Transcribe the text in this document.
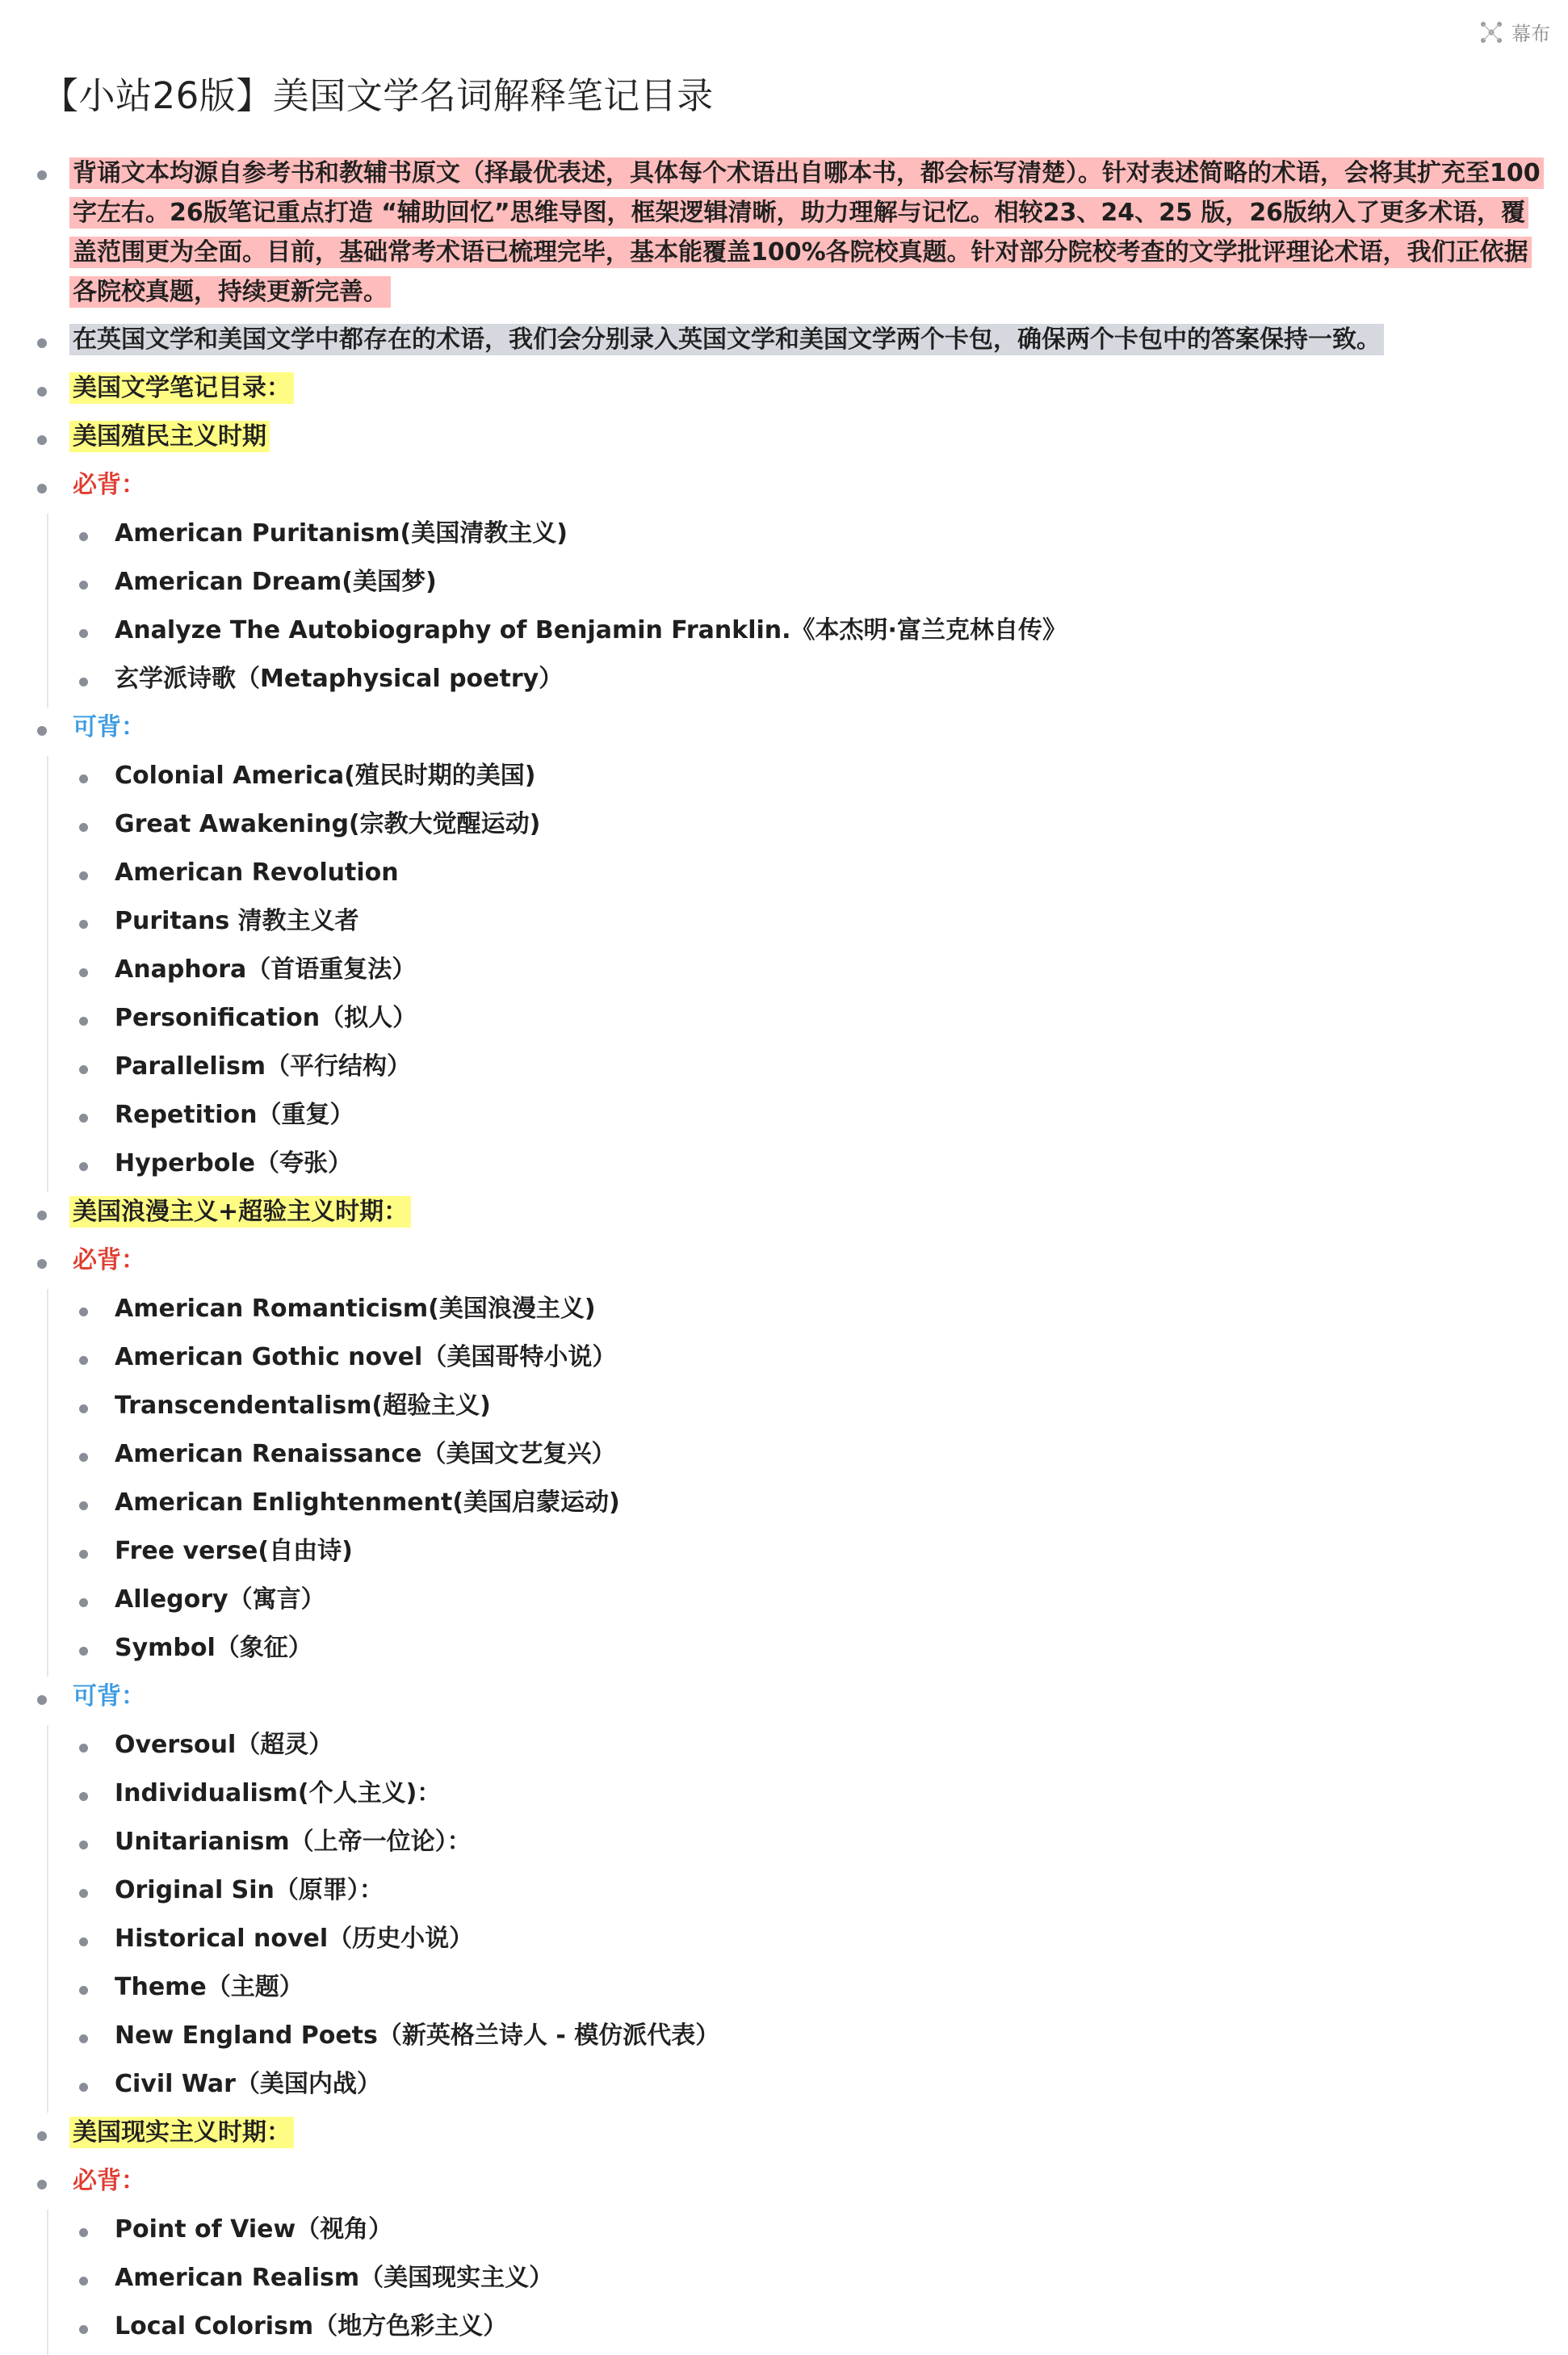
幕布
【小站26版】美国文学名词解释笔记目录
背诵文本均源自参考书和教辅书原文（择最优表述，具体每个术语出自哪本书，都会标写清楚）。针对表述简略的术语，会将其扩充至100字左右。26版笔记重点打造 “辅助回忆”思维导图，框架逻辑清晰，助力理解与记忆。相较23、24、25 版，26版纳入了更多术语，覆盖范围更为全面。目前，基础常考术语已梳理完毕，基本能覆盖100%各院校真题。针对部分院校考查的文学批评理论术语，我们正依据各院校真题，持续更新完善。
在英国文学和美国文学中都存在的术语，我们会分别录入英国文学和美国文学两个卡包，确保两个卡包中的答案保持一致。
美国文学笔记目录：
美国殖民主义时期
必背：
American Puritanism(美国清教主义)
American Dream(美国梦)
Analyze The Autobiography of Benjamin Franklin.《本杰明·富兰克林自传》
玄学派诗歌（Metaphysical poetry）
可背：
Colonial America(殖民时期的美国)
Great Awakening(宗教大觉醒运动)
American Revolution
Puritans 清教主义者
Anaphora（首语重复法）
Personification（拟人）
Parallelism（平行结构）
Repetition（重复）
Hyperbole（夸张）
美国浪漫主义+超验主义时期：
必背：
American Romanticism(美国浪漫主义)
American Gothic novel（美国哥特小说）
Transcendentalism(超验主义)
American Renaissance（美国文艺复兴）
American Enlightenment(美国启蒙运动)
Free verse(自由诗)
Allegory（寓言）
Symbol（象征）
可背：
Oversoul（超灵）
Individualism(个人主义)：
Unitarianism（上帝一位论）：
Original Sin（原罪）：
Historical novel（历史小说）
Theme（主题）
New England Poets（新英格兰诗人 - 模仿派代表）
Civil War（美国内战）
美国现实主义时期：
必背：
Point of View（视角）
American Realism（美国现实主义）
Local Colorism（地方色彩主义）
